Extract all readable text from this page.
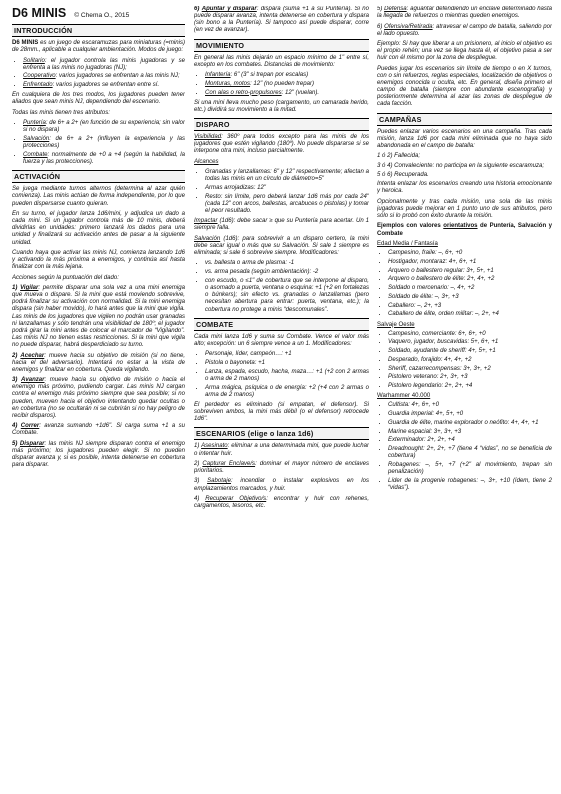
D6 MINIS © Chema O., 2015
INTRODUCCIÓN

D6 MINIS es un juego de escaramuzas para miniaturas (=minis) de 28mm., aplicable a cualquier ambientación. Modos de juego:

• Solitario: el jugador controla las minis jugadoras y se enfrenta a las minis no jugadoras (NJ);
• Cooperativo: varios jugadores se enfrentan a las minis NJ;
• Enfrentado: varios jugadores se enfrentan entre sí.

En cualquiera de los tres modos, los jugadores pueden tener aliados que sean minis NJ, dependiendo del escenario.

Todas las minis tienen tres atributos:

• Puntería: de 6+ a 2+ (en función de su experiencia; sin valor si no dispara)
• Salvación: de 6+ a 2+ (influyen la experiencia y las protecciones)
• Combate: normalmente de +0 a +4 (según la habilidad, la fuerza y las protecciones).
ACTIVACIÓN

Se juega mediante turnos alternos (determina al azar quién comienza). Las minis actúan de forma independiente, por lo que pueden dispersarse cuanto quieran.

En su turno, el jugador lanza 1d6/mini, y adjudica un dado a cada mini. Si un jugador controla más de 10 minis, deberá dividirlas en unidades: primero lanzará los dados para una unidad y finalizará su activación antes de pasar a la siguiente unidad.

Cuando haya que activar las minis NJ, comienza lanzando 1d6 y activando la más próxima a enemigos, y continúa así hasta finalizar con la más lejana.

Acciones según la puntuación del dado:

1) Vigilar: permite disparar una sola vez a una mini enemiga que mueva o dispare. Si la mini que está moviendo sobrevive, podrá finalizar su activación con normalidad. Si la mini enemiga dispara (sin haber movido), lo hará antes que la mini que vigila. Las minis de los jugadores que vigilen no podrán usar granadas ni lanzallamas y sólo tendrán una visibilidad de 180º; el jugador podrá girar la mini antes de colocar el marcador de “Vigilando”. Las minis NJ no tienen estas restricciones. Si la mini que vigila no puede disparar, habrá desperdiciado su turno.

2) Acechar: mueve hacia su objetivo de misión (si no tiene, hacia el del adversario). Intentará no estar a la vista de enemigos y finalizar en cobertura. Queda vigilando.

3) Avanzar: mueve hacia su objetivo de misión o hacia el enemigo más próximo, pudiendo cargar. Las minis NJ cargan contra el enemigo más próximo siempre que sea posible; si no pueden, mueven hacia el objetivo intentando quedar ocultas o en cobertura (no se ocultarán ni se cubrirán si no hay peligro de recibir disparos).

4) Correr: avanza sumando +1d6". Si carga suma +1 a su Combate.

5) Disparar: las minis NJ siempre disparan contra el enemigo más próximo; los jugadores pueden elegir. Si no pueden disparar avanza y, si es posible, intenta detenerse en cobertura para disparar.

6) Apuntar y disparar: dispara (suma +1 a su Puntería). Si no puede disparar avanza, intenta detenerse en cobertura y dispara (sin bono a la Puntería). Si tampoco así puede disparar, corre (en vez de avanzar).

MOVIMIENTO

En general las minis dejarán un espacio mínimo de 1" entre sí, excepto en los combates. Distancias de movimiento:

• Infantería: 6" (3" si trepan por escalas)
• Monturas, motos: 12" (no pueden trepar)
• Con alas o retro-propulsores: 12" (vuelan).

Si una mini lleva mucho peso (cargamento, un camarada herido, etc.) dividirá su movimiento a la mitad.

DISPARO

Visibilidad: 360º para todos excepto para las minis de los jugadores que estén vigilando (180º). No puede dispararse si se interpone otra mini, incluso parcialmente.

Alcances

• Granadas y lanzallamas: 6" y 12" respectivamente; afectan a todas las minis en un círculo de diámetro=5"
• Armas arrojadizas: 12"
• Resto: sin límite, pero deberá lanzar 1d6 más por cada 24" (cada 12" con arcos, ballestas, arcabuces o pistolas) y tomar el peor resultado.

Impactar (1d6): debe sacar ≥ que su Puntería para acertar. Un 1 siempre falla.

Salvación (1d6): para sobrevivir a un disparo certero, la mini debe sacar igual o más que su Salvación. Si sale 1 siempre es eliminada; si sale 6 sobrevive siempre. Modificadores:

• vs. ballesta o arma de plasma: -1
• vs. arma pesada (según ambientación): -2
• con escudo, o ≤1" de cobertura que se interpone al disparo, o asomado a puerta, ventana o esquina: +1 (+2 en fortalezas o búnkers); sin efecto vs. granadas o lanzallamas (pero necesitan abertura para entrar: puerta, ventana, etc.); la cobertura no protege a minis “descomunales”.
COMBATE

Cada mini lanza 1d6 y suma su Combate. Vence el valor más alto; excepción: un 6 siempre vence a un 1. Modificadores:

• Personaje, líder, campeón…: +1
• Pistola o bayoneta: +1
• Lanza, espada, escudo, hacha, maza…: +1 (+2 con 2 armas o arma de 2 manos)
• Arma mágica, psíquica o de energía: +2 (+4 con 2 armas o arma de 2 manos)

El perdedor es eliminado (si empatan, el defensor). Si sobreviven ambos, la mini más débil (o el defensor) retrocede 1d6".

ESCENARIOS (elige o lanza 1d6)

1) Asesinato: eliminar a una determinada mini, que puede luchar o intentar huir.

2) Capturar Enclave/s: dominar el mayor número de enclaves prioritarios.

3) Sabotaje: incendiar o instalar explosivos en los emplazamientos marcados, y huir.

4) Recuperar Objetivo/s: encontrar y huir con rehenes, cargamentos, tesoros, etc.

5) Defensa: aguantar defendiendo un enclave determinado hasta la llegada de refuerzos o mientras queden enemigos.

6) Ofensiva/Retirada: atravesar el campo de batalla, saliendo por el lado opuesto.

Ejemplo: Si hay que liberar a un prisionero, al inicio el objetivo es el propio rehén; una vez se llega hasta él, el objetivo pasa a ser huir con él mismo por la zona de despliegue.

Puedes jugar los escenarios sin límite de tiempo o en X turnos, con o sin refuerzos, reglas especiales, localización de objetivos o enemigos conocida u oculta, etc. En general, diseña primero el campo de batalla (siempre con abundante escenografía) y posteriormente determina al azar las zonas de despliegue de cada facción.

CAMPAÑAS

Puedes enlazar varios escenarios en una campaña. Tras cada misión, lanza 1d6 por cada mini eliminada que no haya sido abandonada en el campo de batalla:

1 ó 2) Fallecida;

3 ó 4) Convaleciente: no participa en la siguiente escaramuza;

5 ó 6) Recuperada.

Intenta enlazar los escenarios creando una historia emocionante y heroica.

Opcionalmente y tras cada misión, una sola de las minis jugadoras puede mejorar en 1 punto uno de sus atributos, pero sólo si lo probó con éxito durante la misión.

Ejemplos con valores orientativos de Puntería, Salvación y Combate

Edad Media / Fantasía
• Campesino, fraile: –, 6+, +0
• Hostigador, montaraz: 4+, 6+, +1
• Arquero o ballestero regular: 3+, 5+, +1
• Arquero o ballestero de élite: 2+, 4+, +2
• Soldado o mercenario: –, 4+, +2
• Soldado de élite: –, 3+, +3
• Caballero: –, 2+, +3
• Caballero de élite, orden militar: –, 2+, +4
Salvaje Oeste
• Campesino, comerciante: 6+, 6+, +0
• Vaquero, jugador, buscavidas: 5+, 6+, +1
• Soldado, ayudante de sheriff: 4+, 5+, +1
• Desperado, forajido: 4+, 4+, +2
• Sheriff, cazarrecompensas: 3+, 3+, +2
• Pistolero veterano: 2+, 3+, +3
• Pistolero legendario: 2+, 2+, +4
Warhammer 40.000
• Cultista: 4+, 6+, +0
• Guardia imperial: 4+, 5+, +0
• Guardia de élite, marine explorador o neófito: 4+, 4+, +1
• Marine espacial: 3+, 3+, +3
• Exterminador: 2+, 2+, +4
• Dreadnought: 2+, 2+, +7 (tiene 4 “vidas”, no se beneficia de cobertura)
• Robagenes: –, 5+, +7 (+2" al movimiento, trepan sin penalización)
• Líder de la progenie robagenes: –, 3+, +10 (ídem, tiene 2 “vidas”).
